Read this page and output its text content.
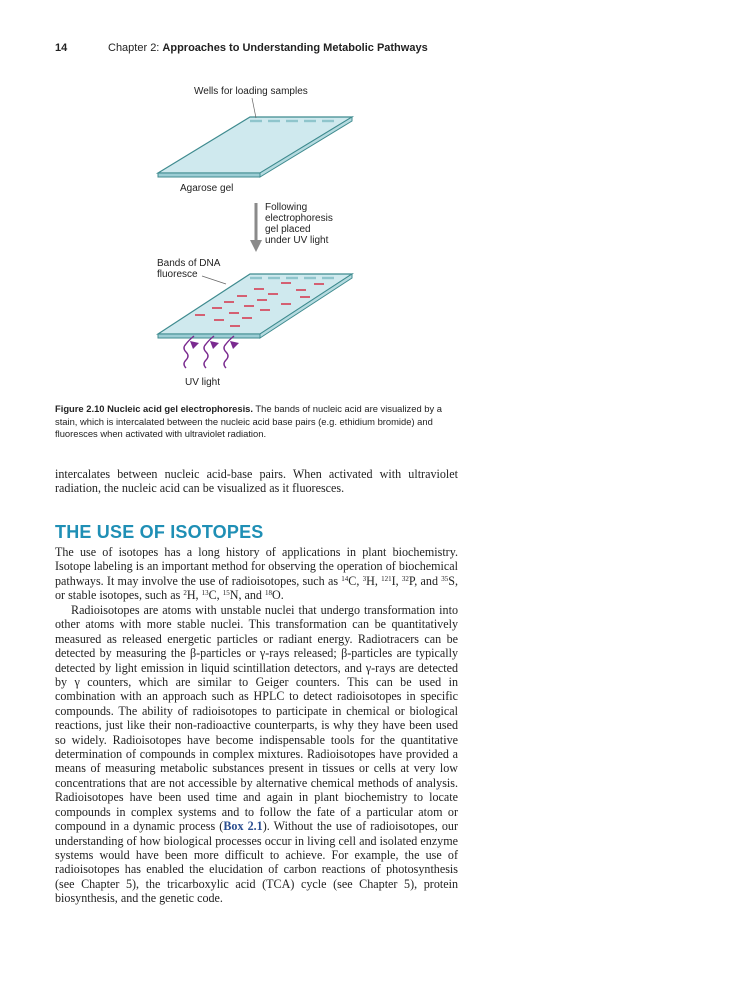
14	Chapter 2: Approaches to Understanding Metabolic Pathways
Wells for loading samples
Agarose gel
Following
electrophoresis
gel placed
under UV light
Bands of DNA
fluoresce
UV light
Figure 2.10 Nucleic acid gel electrophoresis. The bands of nucleic acid are visualized by a stain, which is intercalated between the nucleic acid base pairs (e.g. ethidium bromide) and fluoresces when activated with ultraviolet radiation.

intercalates between nucleic acid-base pairs. When activated with ultraviolet radiation, the nucleic acid can be visualized as it fluoresces.

THE USE OF ISOTOPES

The use of isotopes has a long history of applications in plant biochemistry. Isotope labeling is an important method for observing the operation of biochemical pathways. It may involve the use of radioisotopes, such as $^{14}$C, $^3$H, $^{121}$I, $^{32}$P, and $^{35}$S, or stable isotopes, such as $^2$H, $^{13}$C, $^{15}$N, and $^{18}$O.

Radioisotopes are atoms with unstable nuclei that undergo transformation into other atoms with more stable nuclei. This transformation can be quantitatively measured as released energetic particles or radiant energy. Radiotracers can be detected by measuring the β-particles or γ-rays released; β-particles are typically detected by light emission in liquid scintillation detectors, and γ-rays are detected by γ counters, which are similar to Geiger counters. This can be used in combination with an approach such as HPLC to detect radioisotopes in specific compounds. The ability of radioisotopes to participate in chemical or biological reactions, just like their non-radioactive counterparts, is why they have been used so widely. Radioisotopes have become indispensable tools for the quantitative determination of compounds in complex mixtures. Radioisotopes have provided a means of measuring metabolic substances present in tissues or cells at very low concentrations that are not accessible by alternative chemical methods of analysis. Radioisotopes have been used time and again in plant biochemistry to locate compounds in complex systems and to follow the fate of a particular atom or compound in a dynamic process (Box 2.1). Without the use of radioisotopes, our understanding of how biological processes occur in living cell and isolated enzyme systems would have been more difficult to achieve. For example, the use of radioisotopes has enabled the elucidation of carbon reactions of photosynthesis (see Chapter 5), the tricarboxylic acid (TCA) cycle (see Chapter 5), protein biosynthesis, and the genetic code.
